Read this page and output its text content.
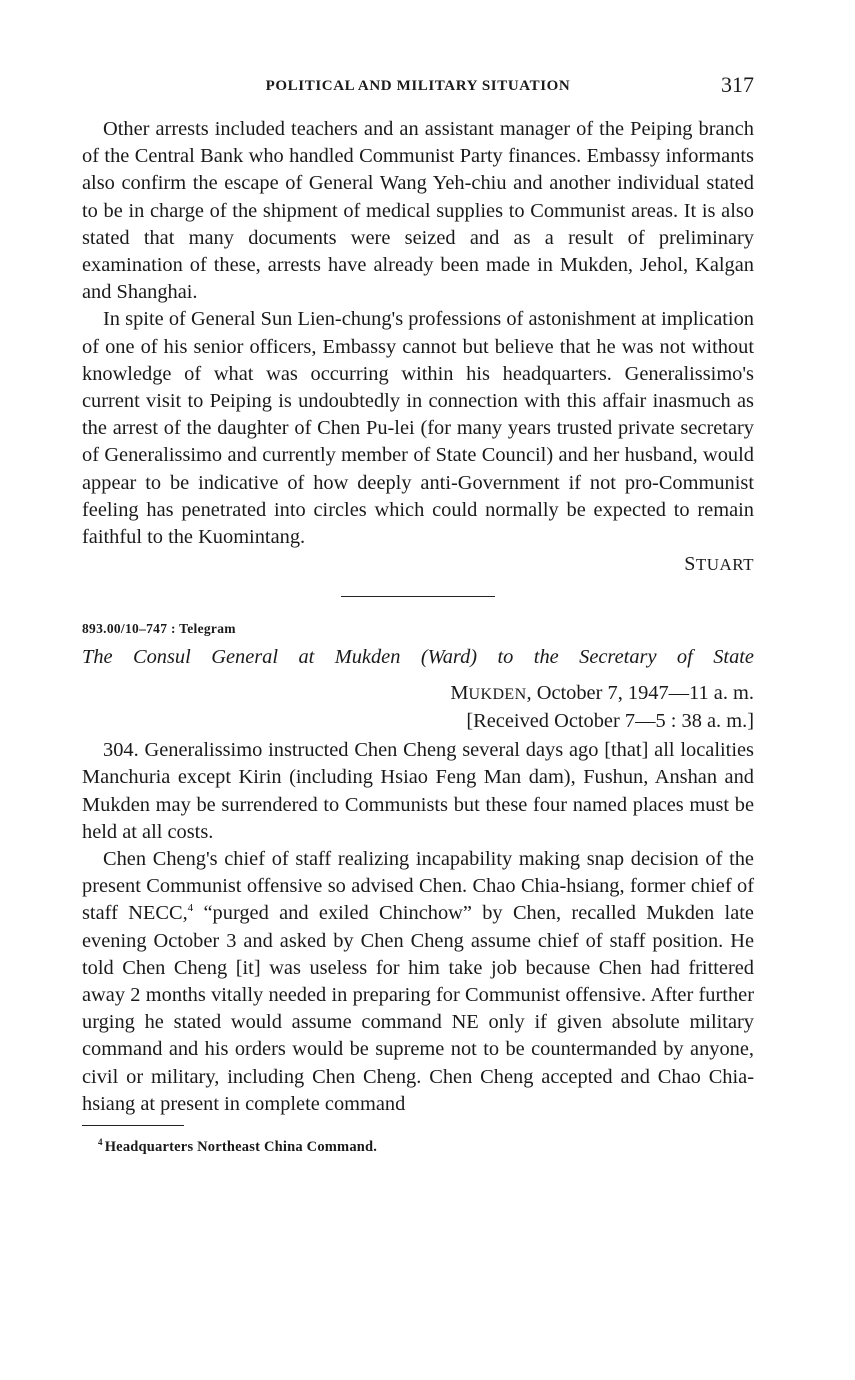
POLITICAL AND MILITARY SITUATION	317

Other arrests included teachers and an assistant manager of the Peiping branch of the Central Bank who handled Communist Party finances. Embassy informants also confirm the escape of General Wang Yeh-chiu and another individual stated to be in charge of the shipment of medical supplies to Communist areas. It is also stated that many documents were seized and as a result of preliminary examination of these, arrests have already been made in Mukden, Jehol, Kalgan and Shanghai.

In spite of General Sun Lien-chung's professions of astonishment at implication of one of his senior officers, Embassy cannot but believe that he was not without knowledge of what was occurring within his headquarters. Generalissimo's current visit to Peiping is undoubtedly in connection with this affair inasmuch as the arrest of the daughter of Chen Pu-lei (for many years trusted private secretary of Generalissimo and currently member of State Council) and her husband, would appear to be indicative of how deeply anti-Government if not pro-Communist feeling has penetrated into circles which could normally be expected to remain faithful to the Kuomintang.

STUART
893.00/10–747 : Telegram
The Consul General at Mukden (Ward) to the Secretary of State
MUKDEN, October 7, 1947—11 a. m.
[Received October 7—5 : 38 a. m.]

304. Generalissimo instructed Chen Cheng several days ago [that] all localities Manchuria except Kirin (including Hsiao Feng Man dam), Fushun, Anshan and Mukden may be surrendered to Communists but these four named places must be held at all costs.

Chen Cheng's chief of staff realizing incapability making snap decision of the present Communist offensive so advised Chen. Chao Chia-hsiang, former chief of staff NECC,$^4$ “purged and exiled Chinchow” by Chen, recalled Mukden late evening October 3 and asked by Chen Cheng assume chief of staff position. He told Chen Cheng [it] was useless for him take job because Chen had frittered away 2 months vitally needed in preparing for Communist offensive. After further urging he stated would assume command NE only if given absolute military command and his orders would be supreme not to be countermanded by anyone, civil or military, including Chen Cheng. Chen Cheng accepted and Chao Chia-hsiang at present in complete command

$^4$ Headquarters Northeast China Command.
